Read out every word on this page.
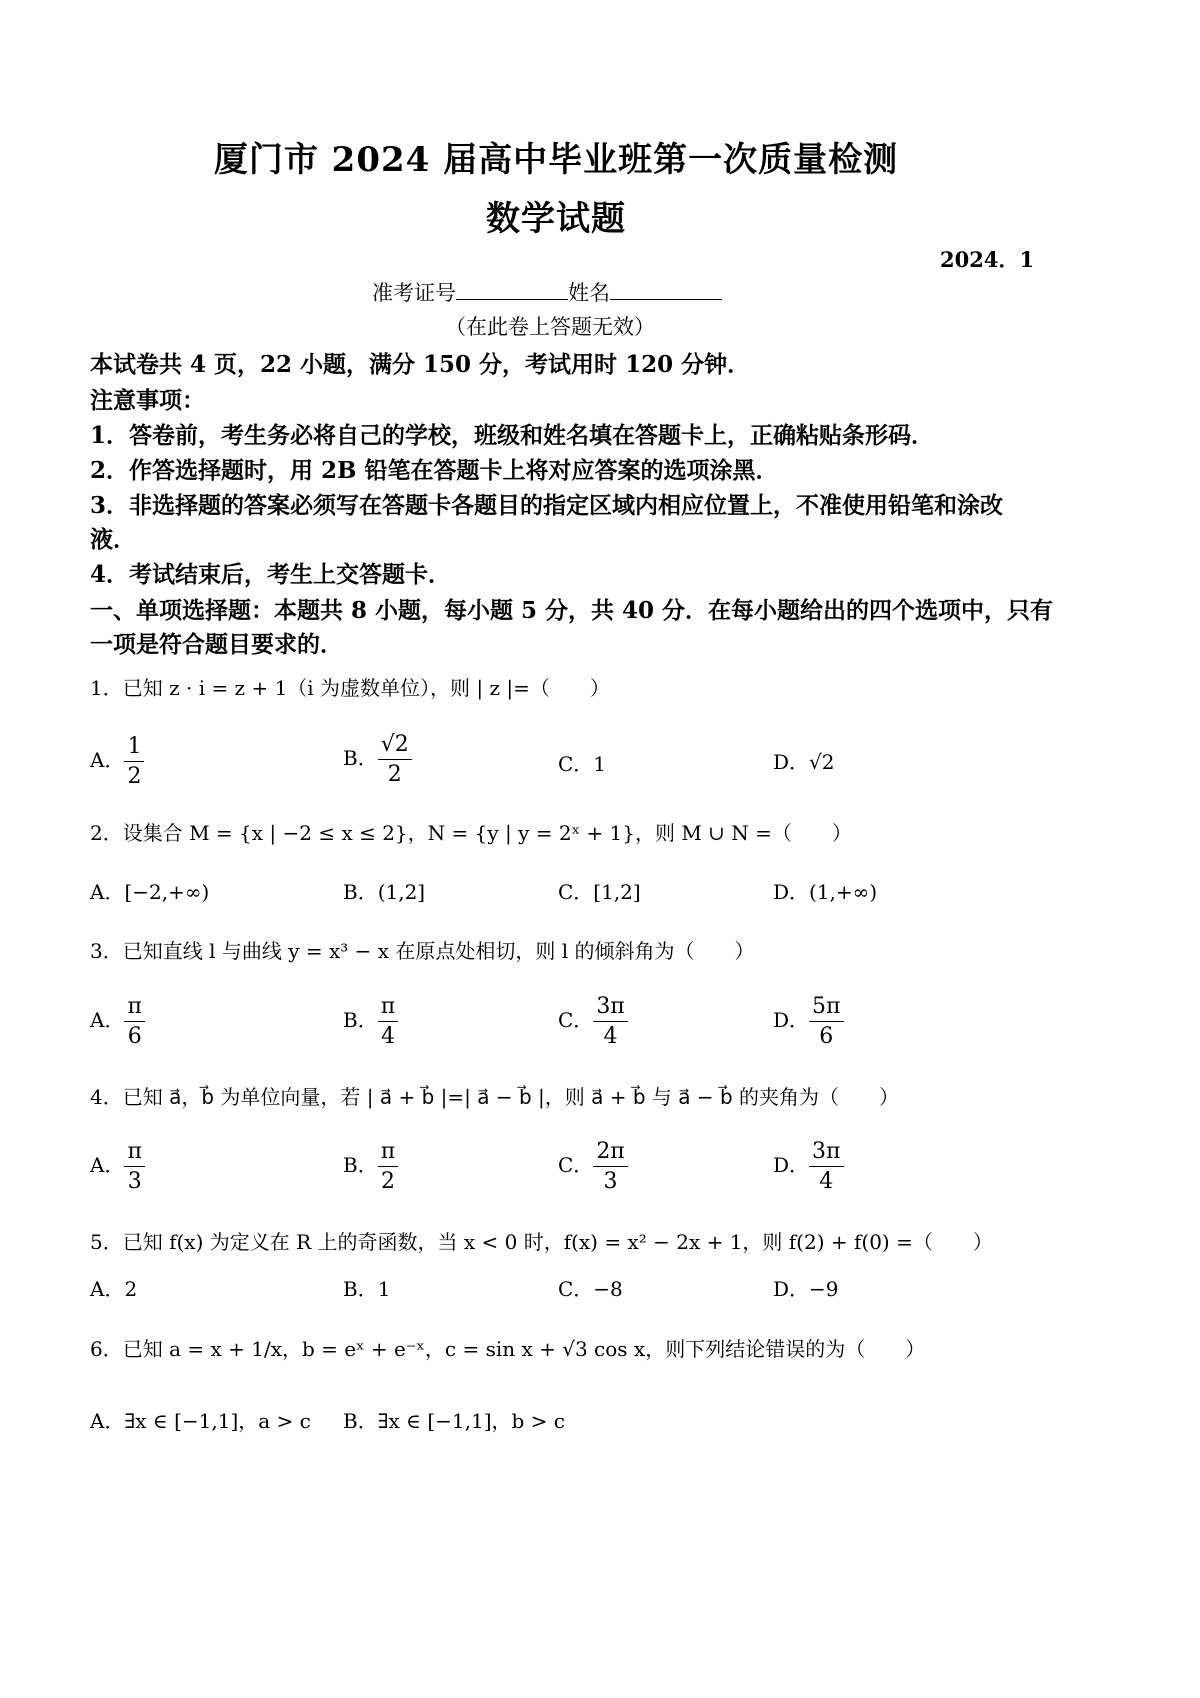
厦门市 2024 届高中毕业班第一次质量检测
数学试题
2024．1
准考证号	姓名
（在此卷上答题无效）
本试卷共 4 页，22 小题，满分 150 分，考试用时 120 分钟．
注意事项：
1．答卷前，考生务必将自己的学校，班级和姓名填在答题卡上，正确粘贴条形码．
2．作答选择题时，用 2B 铅笔在答题卡上将对应答案的选项涂黑．
3．非选择题的答案必须写在答题卡各题目的指定区域内相应位置上，不准使用铅笔和涂改
液．
4．考试结束后，考生上交答题卡．
一、单项选择题：本题共 8 小题，每小题 5 分，共 40 分．在每小题给出的四个选项中，只有
一项是符合题目要求的．
1．已知 z · i = z + 1（i 为虚数单位），则 | z |=（　　）
A． $\frac{1}{2}$	B． $\frac{√2}{2}$	C．1	D．√2
2．设集合 M = {x | −2 ≤ x ≤ 2}，N = {y | y = 2ˣ + 1}，则 M ∪ N =（　　）
A．[−2,+∞)	B．(1,2]	C．[1,2]	D．(1,+∞)
3．已知直线 l 与曲线 y = x³ − x 在原点处相切，则 l 的倾斜角为（　　）
A． $\frac{\pi}{6}$	B． $\frac{\pi}{4}$	C． $\frac{3\pi}{4}$	D． $\frac{5\pi}{6}$
4．已知 a⃗，b⃗ 为单位向量，若 | a⃗ + b⃗ |=| a⃗ − b⃗ |，则 a⃗ + b⃗ 与 a⃗ − b⃗ 的夹角为（　　）
A． $\frac{\pi}{3}$	B． $\frac{\pi}{2}$	C． $\frac{2\pi}{3}$	D． $\frac{3\pi}{4}$
5．已知 f(x) 为定义在 R 上的奇函数，当 x < 0 时，f(x) = x² − 2x + 1，则 f(2) + f(0) =（　　）
A．2	B．1	C．−8	D．−9
6．已知 a = x + 1/x，b = eˣ + e⁻ˣ，c = sin x + √3 cos x，则下列结论错误的为（　　）
A．∃x ∈ [−1,1]，a > c B．∃x ∈ [−1,1]，b > c
